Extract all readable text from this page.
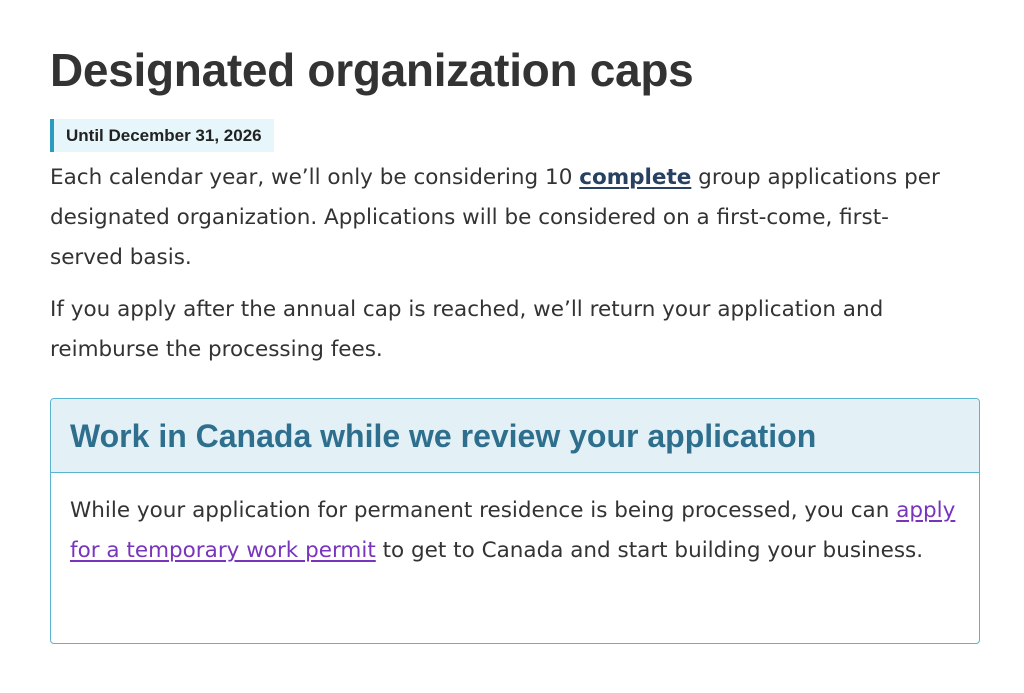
Designated organization caps
Until December 31, 2026

Each calendar year, we’ll only be considering 10 complete group applications per designated organization. Applications will be considered on a first-come, first-served basis.

If you apply after the annual cap is reached, we’ll return your application and reimburse the processing fees.

Work in Canada while we review your application
While your application for permanent residence is being processed, you can apply for a temporary work permit to get to Canada and start building your business.
